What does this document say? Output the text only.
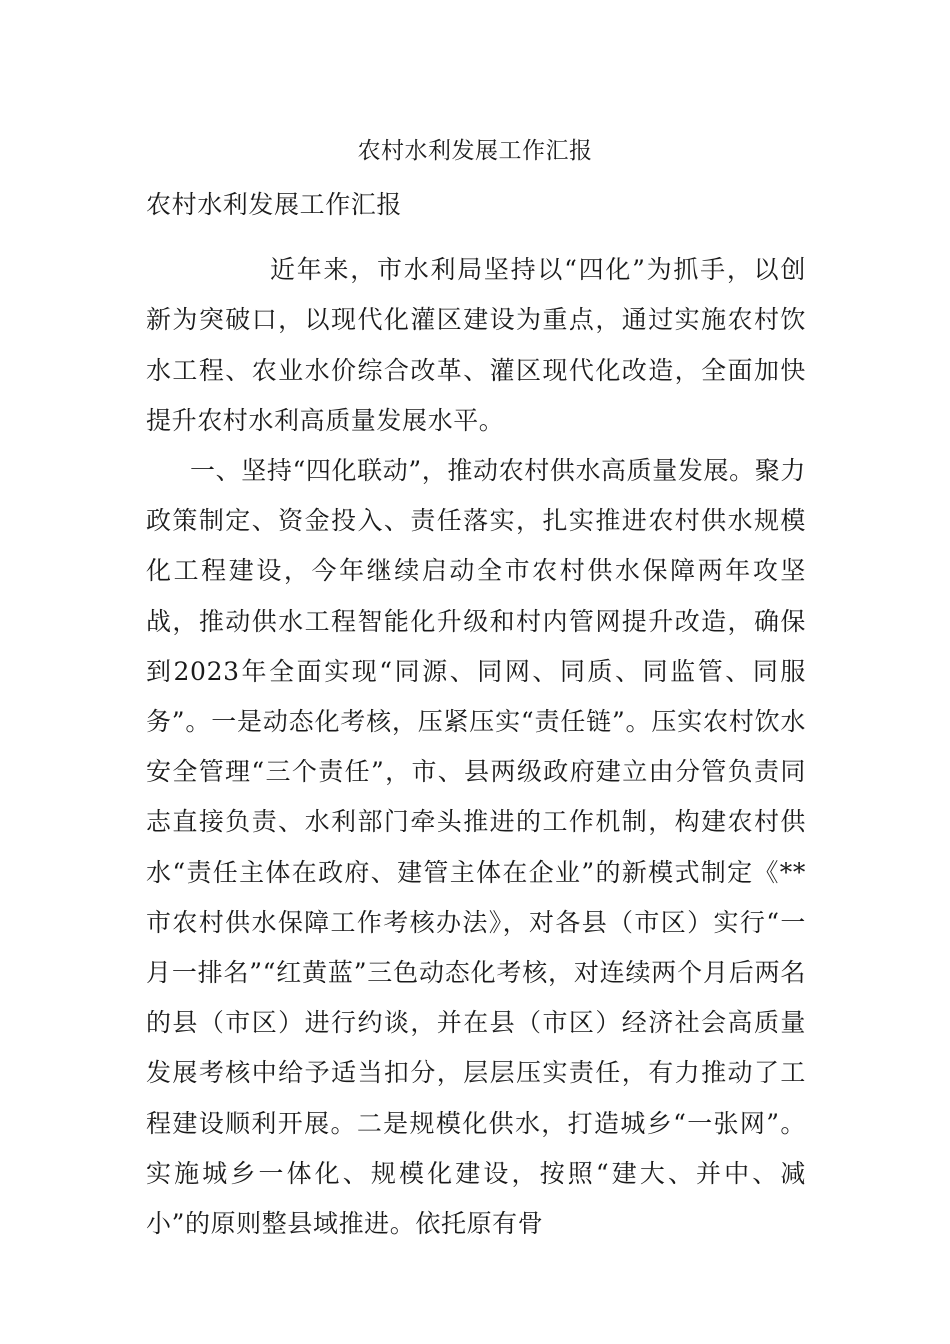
农村水利发展工作汇报

农村水利发展工作汇报

近年来，市水利局坚持以“四化”为抓手，以创新为突破口，以现代化灌区建设为重点，通过实施农村饮水工程、农业水价综合改革、灌区现代化改造，全面加快提升农村水利高质量发展水平。

一、坚持“四化联动”，推动农村供水高质量发展。聚力政策制定、资金投入、责任落实，扎实推进农村供水规模化工程建设，今年继续启动全市农村供水保障两年攻坚战，推动供水工程智能化升级和村内管网提升改造，确保到2023年全面实现“同源、同网、同质、同监管、同服务”。一是动态化考核，压紧压实“责任链”。压实农村饮水安全管理“三个责任”，市、县两级政府建立由分管负责同志直接负责、水利部门牵头推进的工作机制，构建农村供水“责任主体在政府、建管主体在企业”的新模式制定《**市农村供水保障工作考核办法》，对各县（市区）实行“一月一排名”“红黄蓝”三色动态化考核，对连续两个月后两名的县（市区）进行约谈，并在县（市区）经济社会高质量发展考核中给予适当扣分，层层压实责任，有力推动了工程建设顺利开展。二是规模化供水，打造城乡“一张网”。实施城乡一体化、规模化建设，按照“建大、并中、减小”的原则整县域推进。依托原有骨
